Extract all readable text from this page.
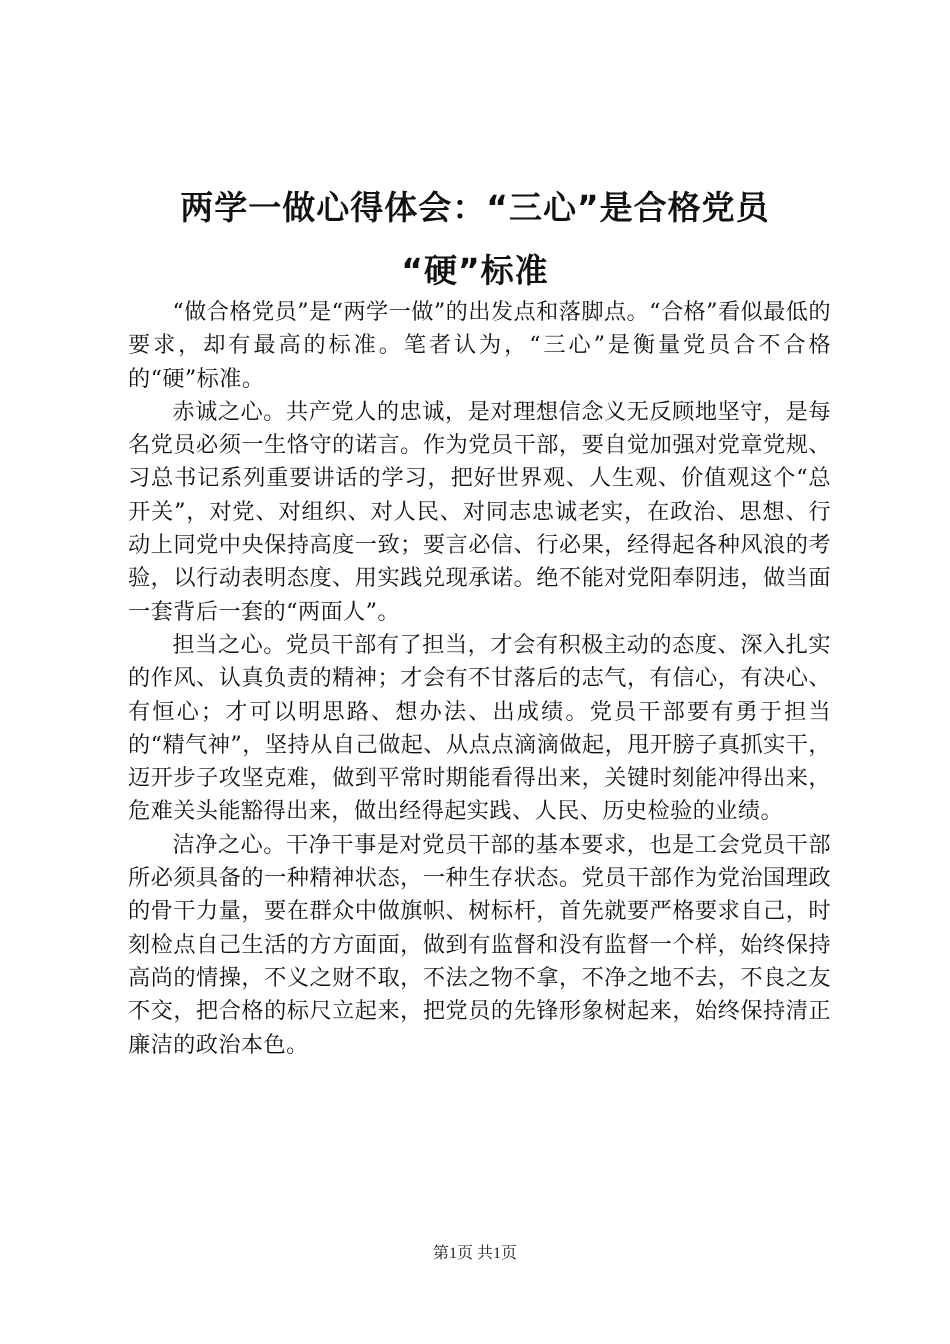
两学一做心得体会：“三心”是合格党员
“硬”标准

“做合格党员”是“两学一做”的出发点和落脚点。“合格”看似最低的要求，却有最高的标准。笔者认为，“三心”是衡量党员合不合格的“硬”标准。

赤诚之心。共产党人的忠诚，是对理想信念义无反顾地坚守，是每名党员必须一生恪守的诺言。作为党员干部，要自觉加强对党章党规、习总书记系列重要讲话的学习，把好世界观、人生观、价值观这个“总开关”，对党、对组织、对人民、对同志忠诚老实，在政治、思想、行动上同党中央保持高度一致；要言必信、行必果，经得起各种风浪的考验，以行动表明态度、用实践兑现承诺。绝不能对党阳奉阴违，做当面一套背后一套的“两面人”。

担当之心。党员干部有了担当，才会有积极主动的态度、深入扎实的作风、认真负责的精神；才会有不甘落后的志气，有信心，有决心、有恒心；才可以明思路、想办法、出成绩。党员干部要有勇于担当的“精气神”，坚持从自己做起、从点点滴滴做起，甩开膀子真抓实干，迈开步子攻坚克难，做到平常时期能看得出来，关键时刻能冲得出来，危难关头能豁得出来，做出经得起实践、人民、历史检验的业绩。

洁净之心。干净干事是对党员干部的基本要求，也是工会党员干部所必须具备的一种精神状态，一种生存状态。党员干部作为党治国理政的骨干力量，要在群众中做旗帜、树标杆，首先就要严格要求自己，时刻检点自己生活的方方面面，做到有监督和没有监督一个样，始终保持高尚的情操，不义之财不取，不法之物不拿，不净之地不去，不良之友不交，把合格的标尺立起来，把党员的先锋形象树起来，始终保持清正廉洁的政治本色。

第1页 共1页
